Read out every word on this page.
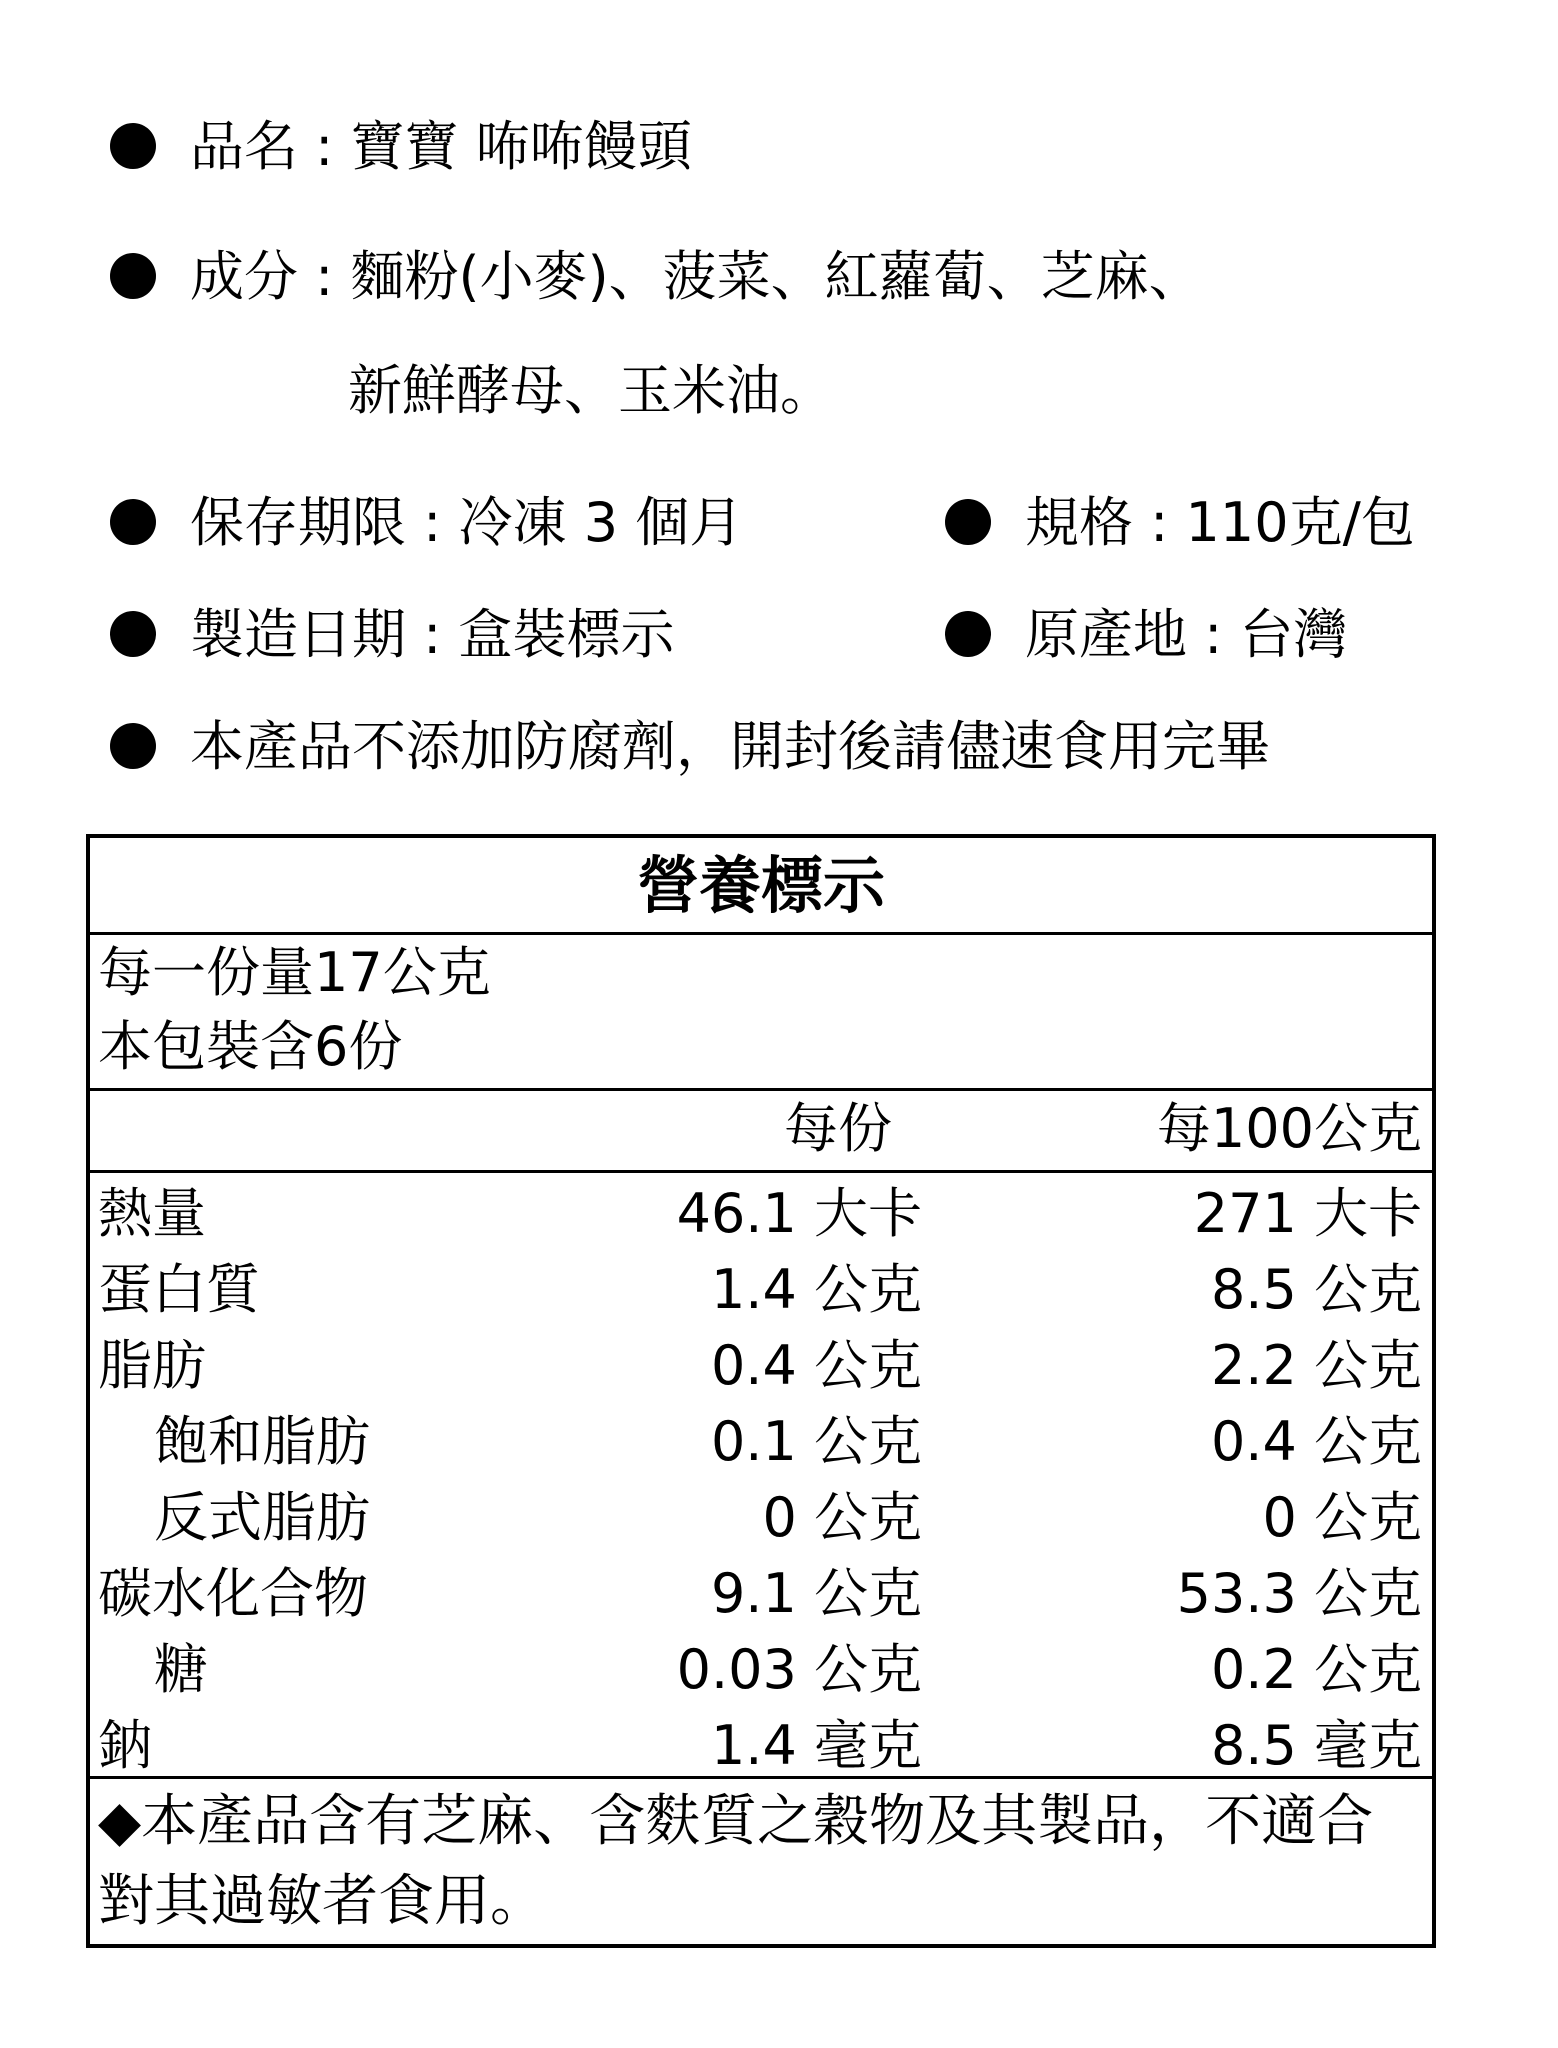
品名 : 寶寶 咘咘饅頭
成分 : 麵粉(小麥)、菠菜、紅蘿蔔、芝麻、
新鮮酵母、玉米油。
保存期限 : 冷凍 3 個月	規格 : 110克/包
製造日期 : 盒裝標示	原產地 : 台灣
本產品不添加防腐劑，開封後請儘速食用完畢
營養標示
每一份量17公克
本包裝含6份
每份	每100公克
熱量	46.1 大卡	271 大卡
蛋白質	1.4 公克	8.5 公克
脂肪	0.4 公克	2.2 公克
飽和脂肪	0.1 公克	0.4 公克
反式脂肪	0 公克	0 公克
碳水化合物	9.1 公克	53.3 公克
糖	0.03 公克	0.2 公克
鈉	1.4 毫克	8.5 毫克
◆本產品含有芝麻、含麩質之穀物及其製品，不適合對其過敏者食用。
